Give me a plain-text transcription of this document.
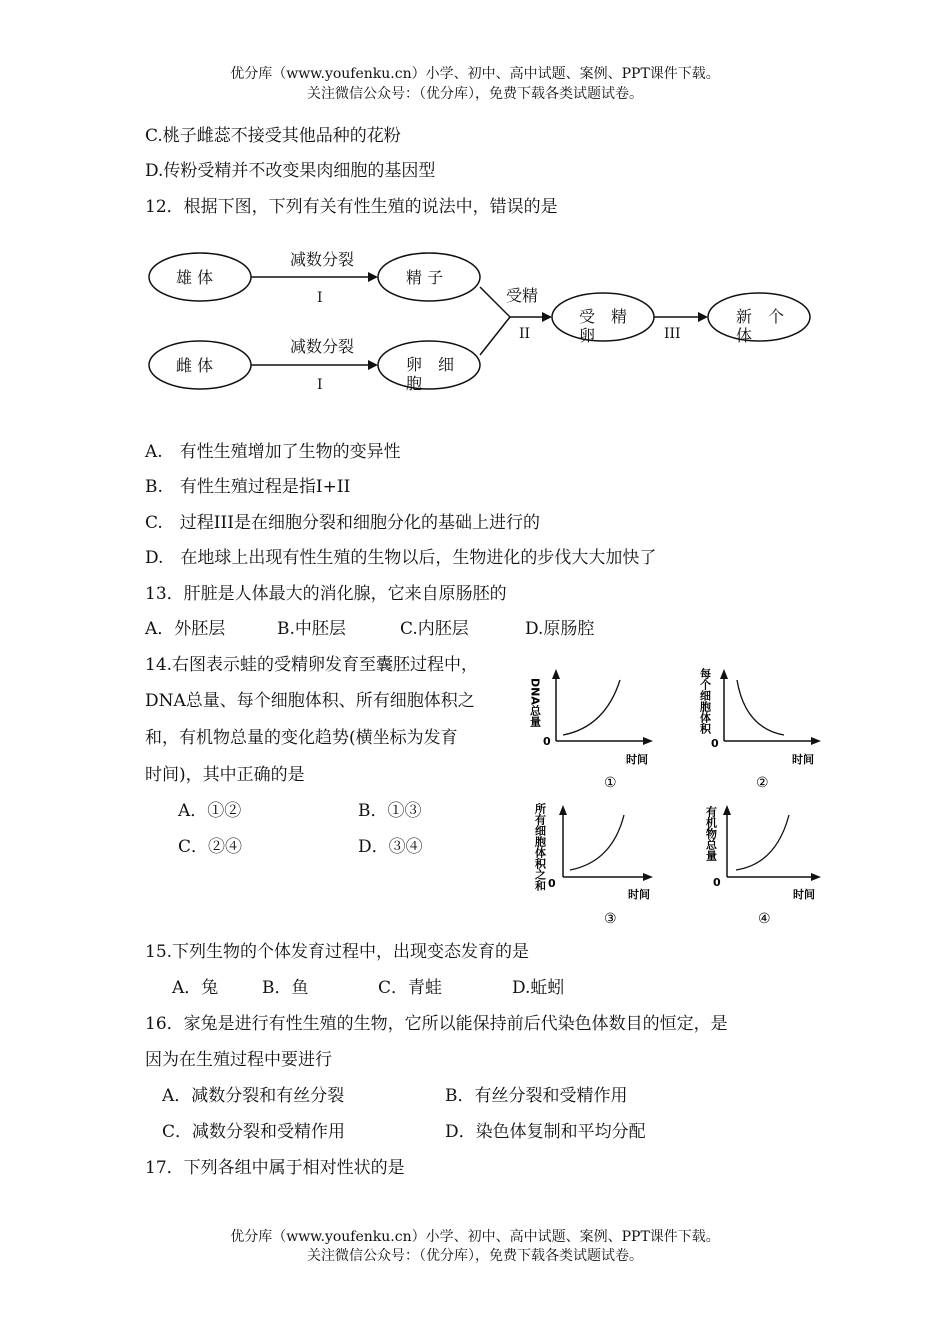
优分库（www.youfenku.cn）小学、初中、高中试题、案例、PPT课件下载。
关注微信公众号：（优分库），免费下载各类试题试卷。
C.桃子雌蕊不接受其他品种的花粉
D.传粉受精并不改变果肉细胞的基因型
12．根据下图，下列有关有性生殖的说法中，错误的是
雄 体
雌 体
精 子
卵　细
胞
受　精
卵
新　个
体
减数分裂
减数分裂
受精
I
I
II	III
A.　有性生殖增加了生物的变异性
B.　有性生殖过程是指I+II
C.　过程III是在细胞分裂和细胞分化的基础上进行的
D.　在地球上出现有性生殖的生物以后，生物进化的步伐大大加快了
13．肝脏是人体最大的消化腺，它来自原肠胚的
A．外胚层	B.中胚层	C.内胚层	D.原肠腔
14.右图表示蛙的受精卵发育至囊胚过程中，
DNA总量、每个细胞体积、所有细胞体积之
和，有机物总量的变化趋势(横坐标为发育
时间)，其中正确的是
A．①②	B．①③
C．②④	D．③④
DNA总量
0
时间
①
每个细胞体积
时间
②
所有细胞体积之和
时间
③
有机物总量
0
时间
④
0
0
15.下列生物的个体发育过程中，出现变态发育的是
A．兔	B．鱼	C．青蛙	D.蚯蚓
16．家兔是进行有性生殖的生物，它所以能保持前后代染色体数目的恒定，是
因为在生殖过程中要进行
A．减数分裂和有丝分裂	B．有丝分裂和受精作用
C．减数分裂和受精作用	D．染色体复制和平均分配
17．下列各组中属于相对性状的是
优分库（www.youfenku.cn）小学、初中、高中试题、案例、PPT课件下载。
关注微信公众号：（优分库），免费下载各类试题试卷。
